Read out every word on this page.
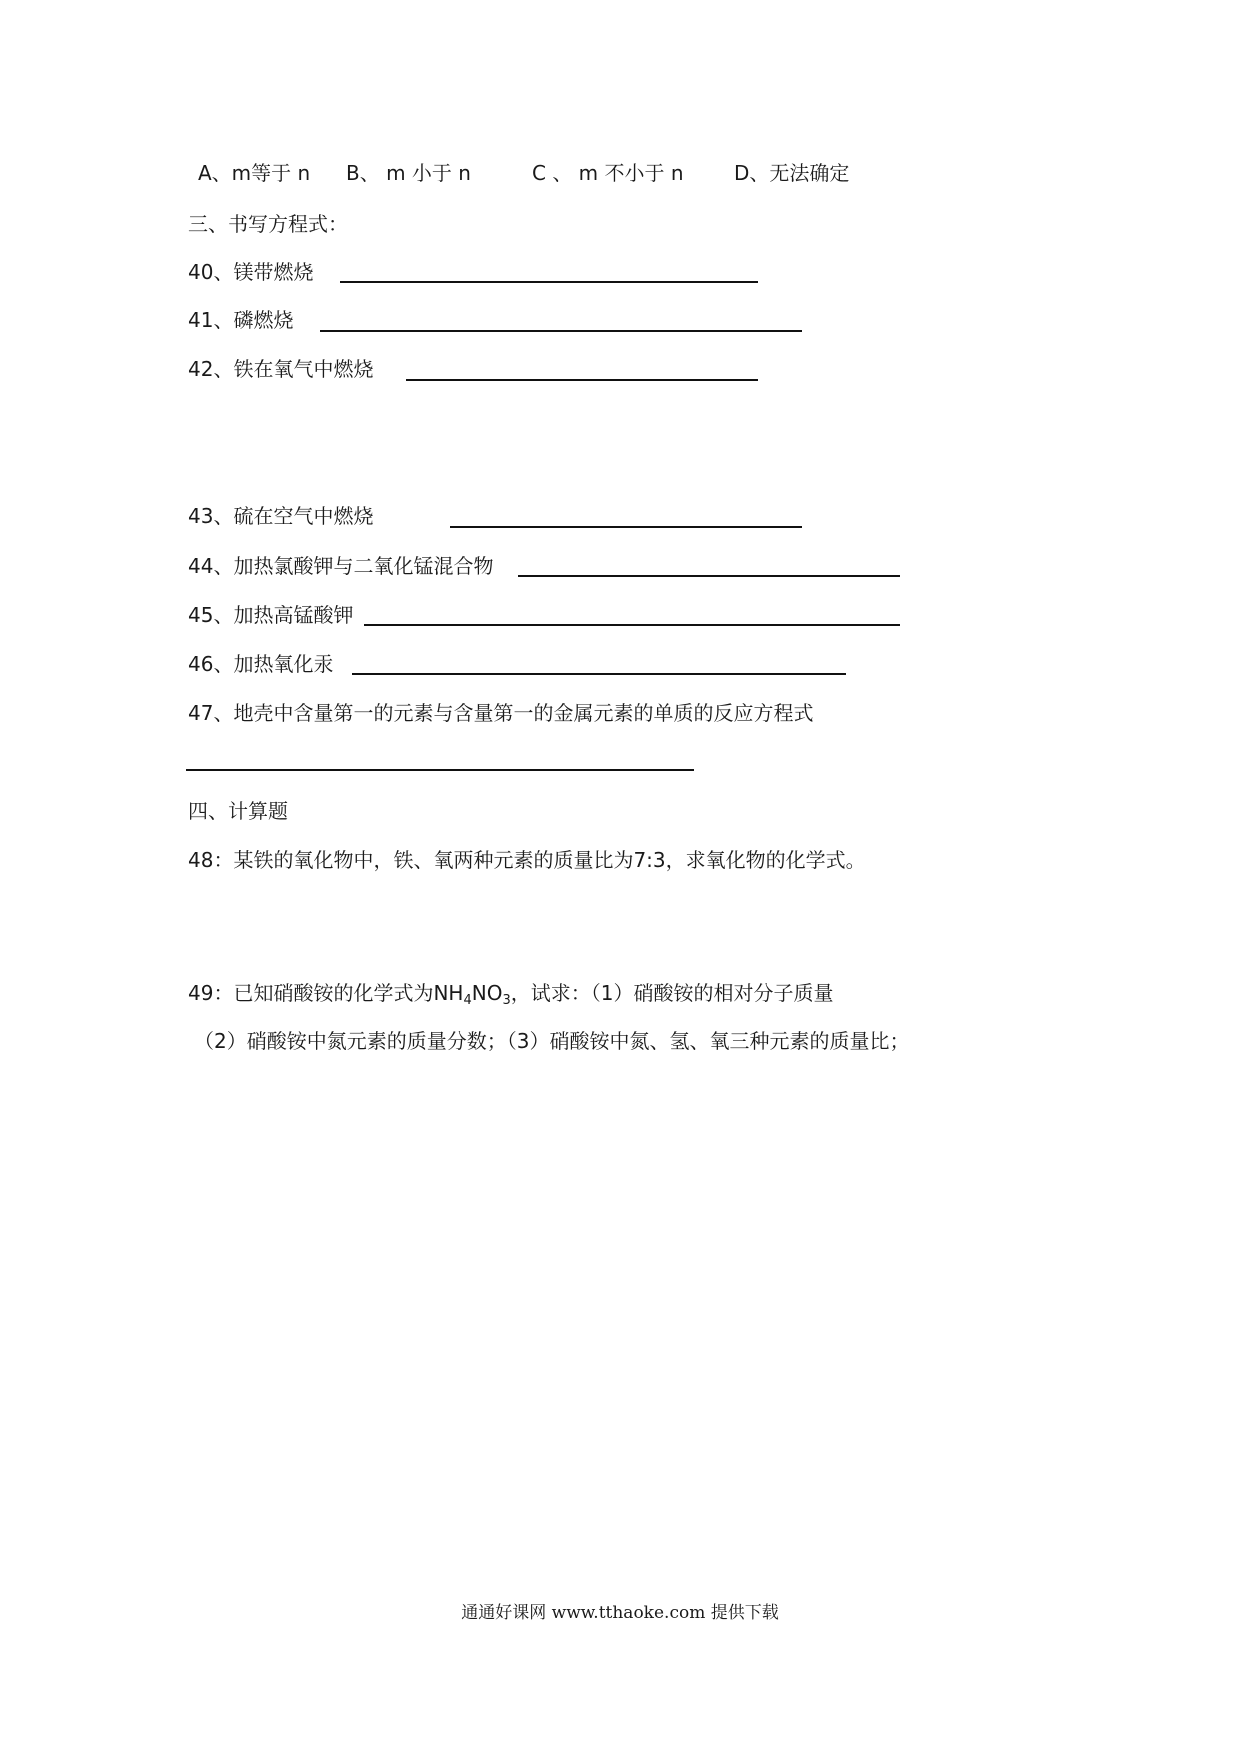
A、m等于 n B、 m 小于 n	C 、 m 不小于 n	D、无法确定
三、书写方程式：
40、镁带燃烧
41、磷燃烧
42、铁在氧气中燃烧
43、硫在空气中燃烧
44、加热氯酸钾与二氧化锰混合物
45、加热高锰酸钾
46、加热氧化汞
47、地壳中含量第一的元素与含量第一的金属元素的单质的反应方程式
四、计算题
48：某铁的氧化物中，铁、氧两种元素的质量比为7:3，求氧化物的化学式。
49：已知硝酸铵的化学式为$NH_4NO_3$，试求：（1）硝酸铵的相对分子质量
（2）硝酸铵中氮元素的质量分数；（3）硝酸铵中氮、氢、氧三种元素的质量比；
通通好课网 www.tthaoke.com 提供下载
